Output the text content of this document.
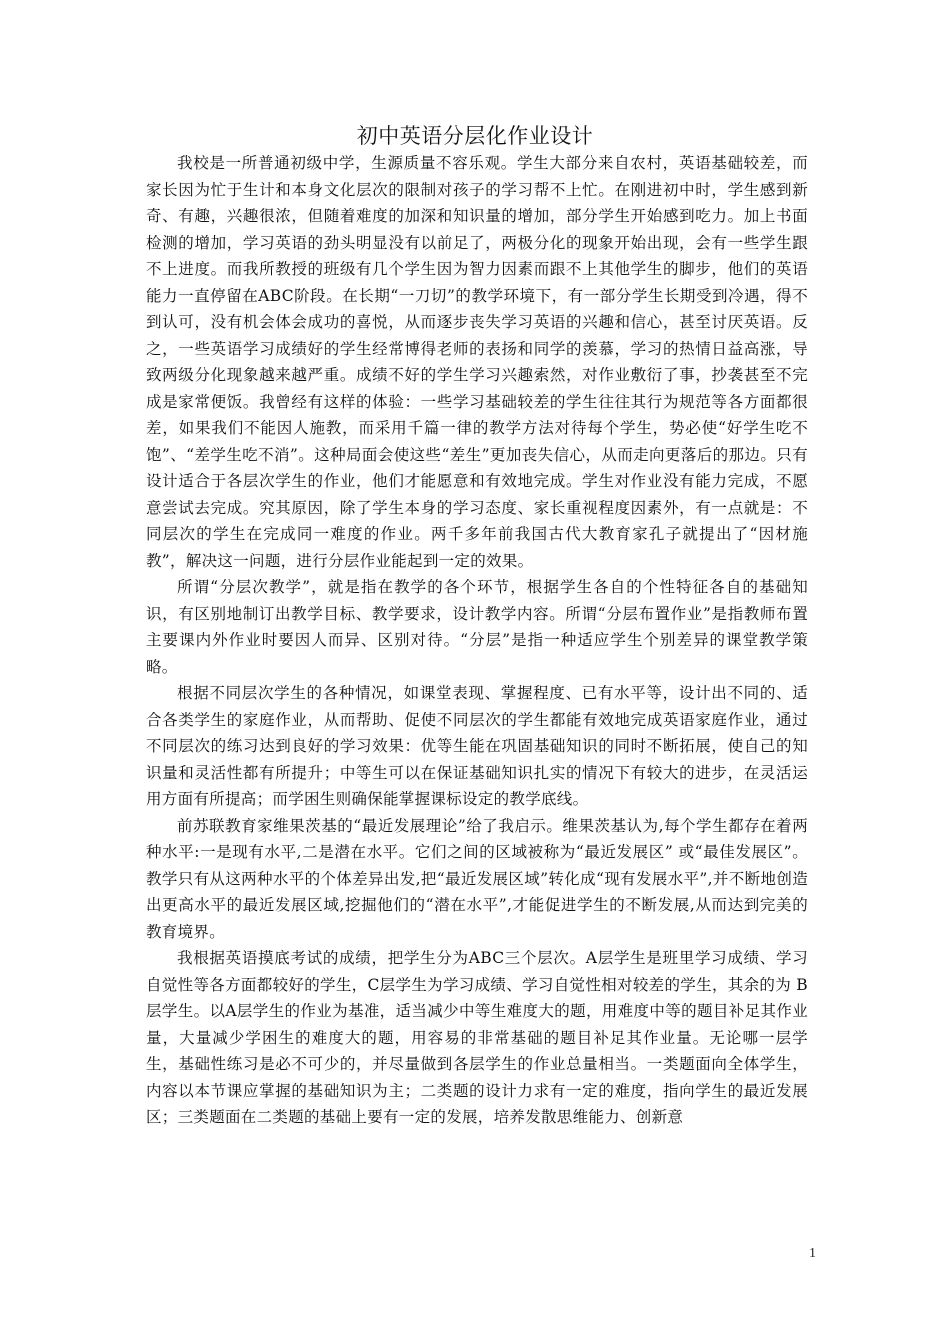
初中英语分层化作业设计

我校是一所普通初级中学，生源质量不容乐观。学生大部分来自农村，英语基础较差，而家长因为忙于生计和本身文化层次的限制对孩子的学习帮不上忙。在刚进初中时，学生感到新奇、有趣，兴趣很浓，但随着难度的加深和知识量的增加，部分学生开始感到吃力。加上书面检测的增加，学习英语的劲头明显没有以前足了，两极分化的现象开始出现，会有一些学生跟不上进度。而我所教授的班级有几个学生因为智力因素而跟不上其他学生的脚步，他们的英语能力一直停留在ABC阶段。在长期“一刀切”的教学环境下，有一部分学生长期受到冷遇，得不到认可，没有机会体会成功的喜悦，从而逐步丧失学习英语的兴趣和信心，甚至讨厌英语。反之，一些英语学习成绩好的学生经常博得老师的表扬和同学的羡慕，学习的热情日益高涨，导致两级分化现象越来越严重。成绩不好的学生学习兴趣索然，对作业敷衍了事，抄袭甚至不完成是家常便饭。我曾经有这样的体验：一些学习基础较差的学生往往其行为规范等各方面都很差，如果我们不能因人施教，而采用千篇一律的教学方法对待每个学生，势必使“好学生吃不饱”、“差学生吃不消”。这种局面会使这些“差生”更加丧失信心，从而走向更落后的那边。只有设计适合于各层次学生的作业，他们才能愿意和有效地完成。学生对作业没有能力完成，不愿意尝试去完成。究其原因，除了学生本身的学习态度、家长重视程度因素外，有一点就是：不同层次的学生在完成同一难度的作业。两千多年前我国古代大教育家孔子就提出了“因材施教”，解决这一问题，进行分层作业能起到一定的效果。

所谓“分层次教学”，就是指在教学的各个环节，根据学生各自的个性特征各自的基础知识，有区别地制订出教学目标、教学要求，设计教学内容。所谓“分层布置作业”是指教师布置主要课内外作业时要因人而异、区别对待。“分层”是指一种适应学生个别差异的课堂教学策略。

根据不同层次学生的各种情况，如课堂表现、掌握程度、已有水平等，设计出不同的、适合各类学生的家庭作业，从而帮助、促使不同层次的学生都能有效地完成英语家庭作业，通过不同层次的练习达到良好的学习效果：优等生能在巩固基础知识的同时不断拓展，使自己的知识量和灵活性都有所提升；中等生可以在保证基础知识扎实的情况下有较大的进步，在灵活运用方面有所提高；而学困生则确保能掌握课标设定的教学底线。

前苏联教育家维果茨基的“最近发展理论”给了我启示。维果茨基认为,每个学生都存在着两种水平:一是现有水平,二是潜在水平。它们之间的区域被称为“最近发展区” 或“最佳发展区”。教学只有从这两种水平的个体差异出发,把“最近发展区域”转化成“现有发展水平”,并不断地创造出更高水平的最近发展区域,挖掘他们的“潜在水平”,才能促进学生的不断发展,从而达到完美的教育境界。

我根据英语摸底考试的成绩，把学生分为ABC三个层次。A层学生是班里学习成绩、学习自觉性等各方面都较好的学生，C层学生为学习成绩、学习自觉性相对较差的学生，其余的为 B层学生。以A层学生的作业为基准，适当减少中等生难度大的题，用难度中等的题目补足其作业量，大量减少学困生的难度大的题，用容易的非常基础的题目补足其作业量。无论哪一层学生，基础性练习是必不可少的，并尽量做到各层学生的作业总量相当。一类题面向全体学生，内容以本节课应掌握的基础知识为主；二类题的设计力求有一定的难度，指向学生的最近发展区；三类题面在二类题的基础上要有一定的发展，培养发散思维能力、创新意

1
